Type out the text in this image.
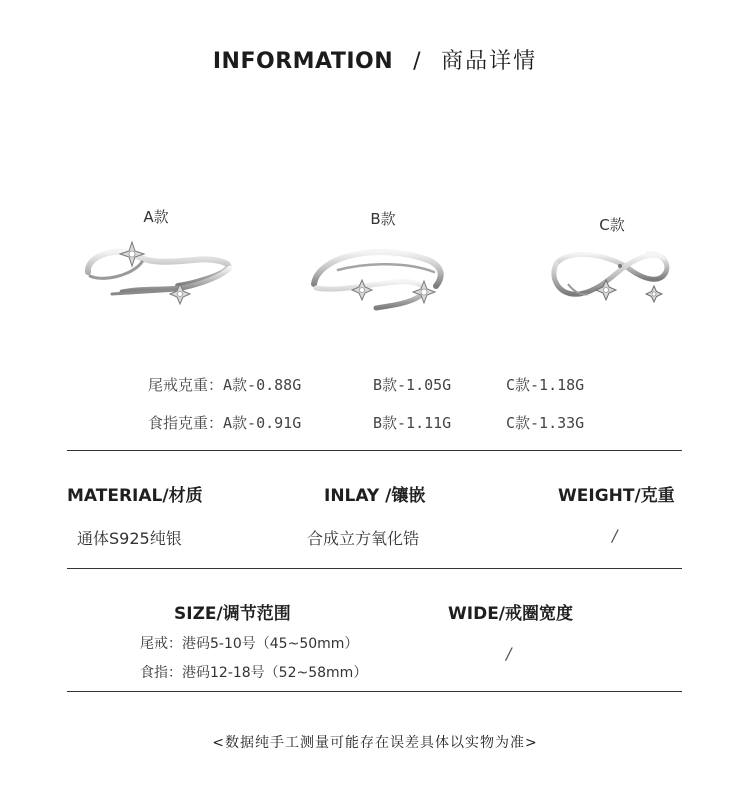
INFORMATION / 商品详情
A款	B款	C款
尾戒克重：A款-0.88G	B款-1.05G	C款-1.18G
食指克重：A款-0.91G	B款-1.11G	C款-1.33G
MATERIAL/材质	INLAY /镶嵌	WEIGHT/克重
通体S925纯银	合成立方氧化锆	/
SIZE/调节范围	WIDE/戒圈宽度
尾戒：港码5-10号（45~50mm）
食指：港码12-18号（52~58mm）
/
<数据纯手工测量可能存在误差具体以实物为准>
